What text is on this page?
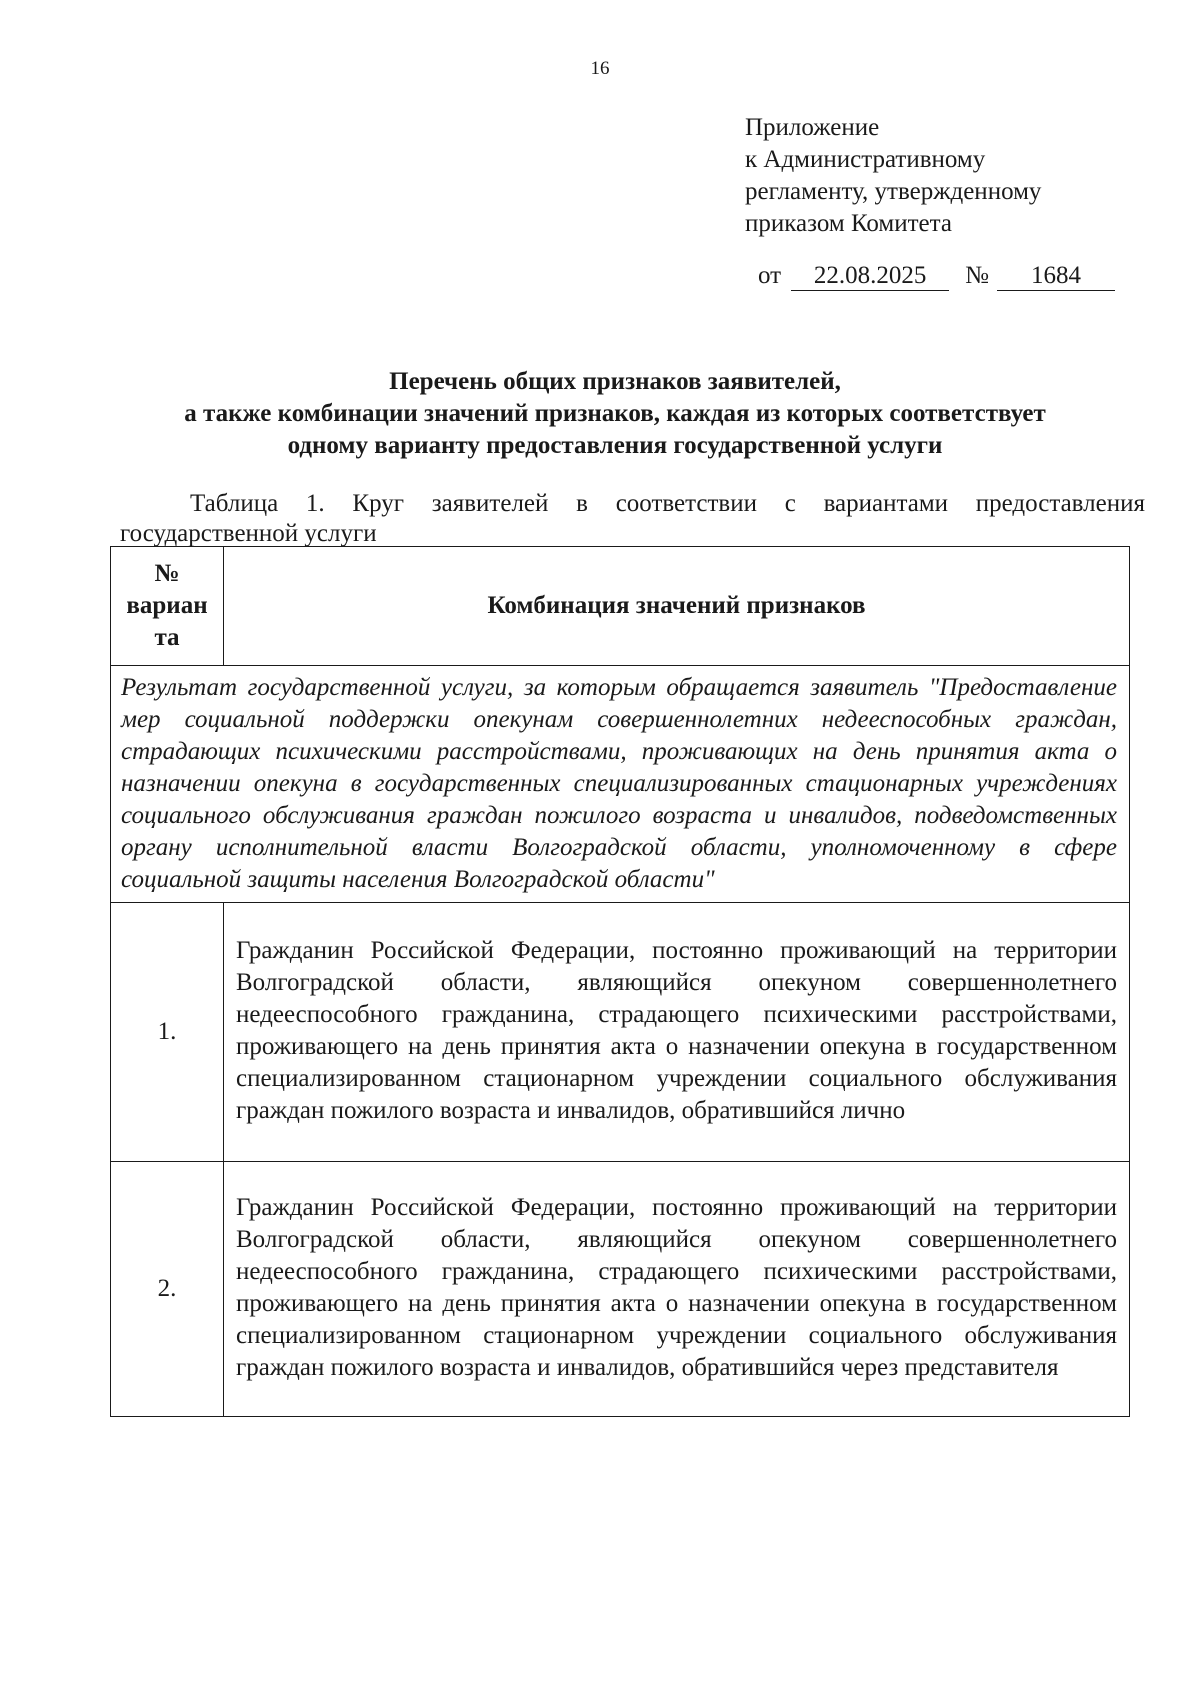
16
Приложение
к Административному
регламенту, утвержденному
приказом Комитета
от 22.08.2025 № 1684
Перечень общих признаков заявителей,
а также комбинации значений признаков, каждая из которых соответствует
одному варианту предоставления государственной услуги
Таблица 1. Круг заявителей в соответствии с вариантами предоставления государственной услуги
№
вариан
та	Комбинация значений признаков
Результат государственной услуги, за которым обращается заявитель "Предоставление мер социальной поддержки опекунам совершеннолетних недееспособных граждан, страдающих психическими расстройствами, проживающих на день принятия акта о назначении опекуна в государственных специализированных стационарных учреждениях социального обслуживания граждан пожилого возраста и инвалидов, подведомственных органу исполнительной власти Волгоградской области, уполномоченному в сфере социальной защиты населения Волгоградской области"	
1.	Гражданин Российской Федерации, постоянно проживающий на территории Волгоградской области, являющийся опекуном совершеннолетнего недееспособного гражданина, страдающего психическими расстройствами, проживающего на день принятия акта о назначении опекуна в государственном специализированном стационарном учреждении социального обслуживания граждан пожилого возраста и инвалидов, обратившийся лично
2.	Гражданин Российской Федерации, постоянно проживающий на территории Волгоградской области, являющийся опекуном совершеннолетнего недееспособного гражданина, страдающего психическими расстройствами, проживающего на день принятия акта о назначении опекуна в государственном специализированном стационарном учреждении социального обслуживания граждан пожилого возраста и инвалидов, обратившийся через представителя
